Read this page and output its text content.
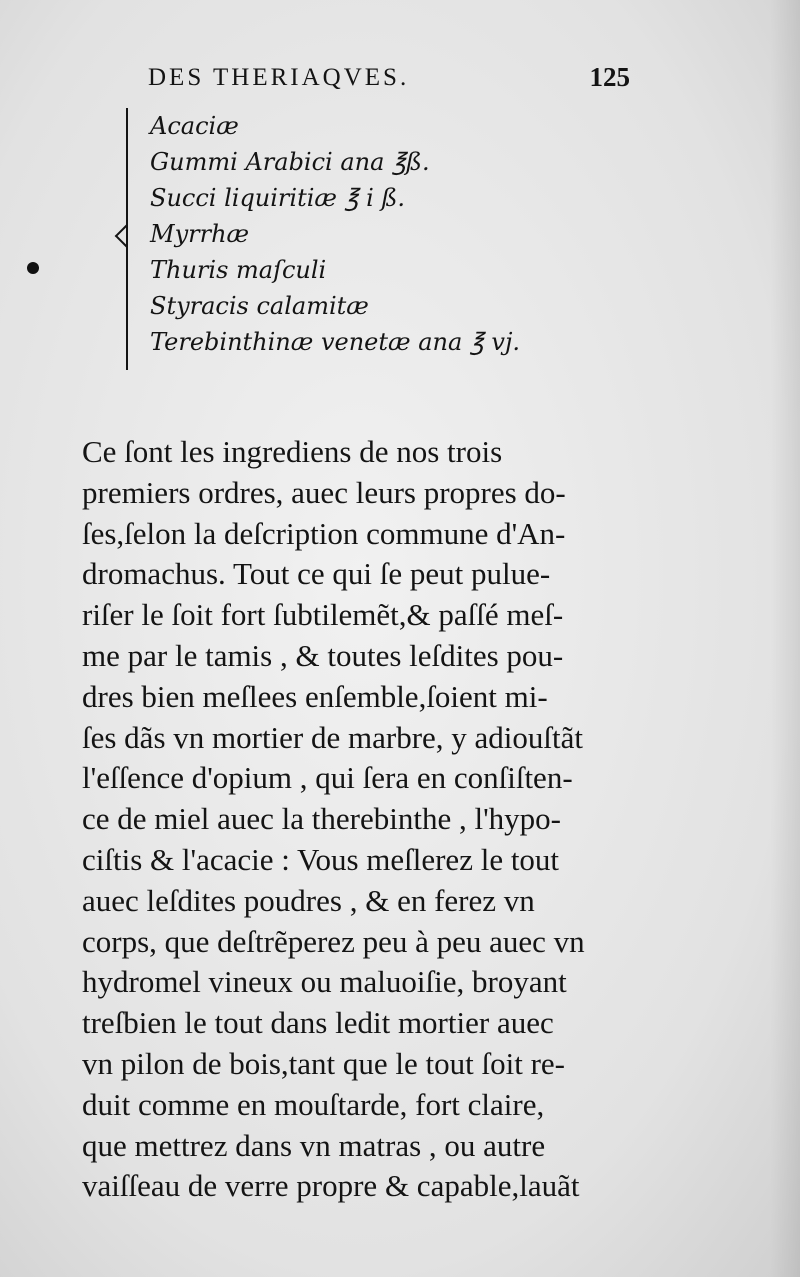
DES THERIAQVES.	125
Acaciæ
Gummi Arabici ana ℥ß.
Succi liquiritiæ ℥ i ß.
Myrrhæ
Thuris maſculi
Styracis calamitæ
Terebinthinæ venetæ ana ℥ vj.
Ce ſont les ingrediens de nos trois
premiers ordres, auec leurs propres do-
ſes,ſelon la deſcription commune d'An-
dromachus. Tout ce qui ſe peut pulue-
riſer le ſoit fort ſubtilemẽt,& paſſé meſ-
me par le tamis , & toutes leſdites pou-
dres bien meſlees enſemble,ſoient mi-
ſes dãs vn mortier de marbre, y adiouſtãt
l'eſſence d'opium , qui ſera en conſiſten-
ce de miel auec la therebinthe , l'hypo-
ciſtis & l'acacie : Vous meſlerez le tout
auec leſdites poudres , & en ferez vn
corps, que deſtrẽperez peu à peu auec vn
hydromel vineux ou maluoiſie, broyant
treſbien le tout dans ledit mortier auec
vn pilon de bois,tant que le tout ſoit re-
duit comme en mouſtarde, fort claire,
que mettrez dans vn matras , ou autre
vaiſſeau de verre propre & capable,lauãt
